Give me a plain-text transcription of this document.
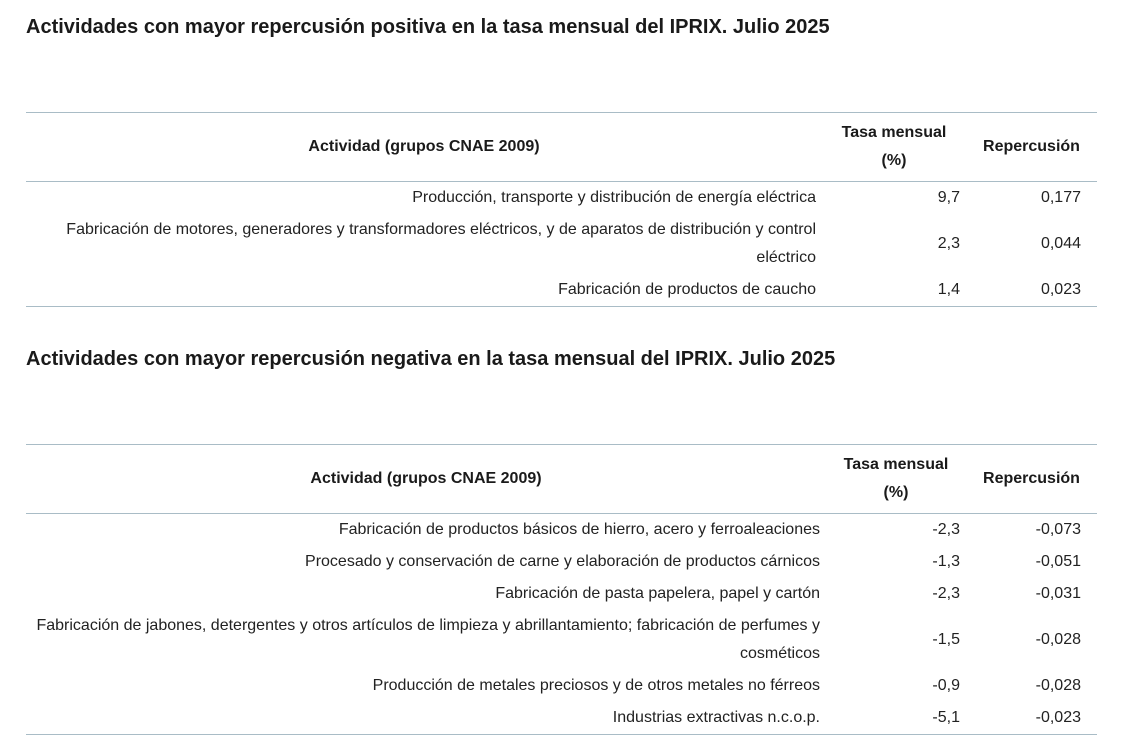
Actividades con mayor repercusión positiva en la tasa mensual del IPRIX. Julio 2025
Actividad (grupos CNAE 2009)	Tasa mensual (%)	Repercusión
Producción, transporte y distribución de energía eléctrica	9,7	0,177
Fabricación de motores, generadores y transformadores eléctricos, y de aparatos de distribución y control eléctrico	2,3	0,044
Fabricación de productos de caucho	1,4	0,023
Actividades con mayor repercusión negativa en la tasa mensual del IPRIX. Julio 2025
Actividad (grupos CNAE 2009)	Tasa mensual (%)	Repercusión
Fabricación de productos básicos de hierro, acero y ferroaleaciones	-2,3	-0,073
Procesado y conservación de carne y elaboración de productos cárnicos	-1,3	-0,051
Fabricación de pasta papelera, papel y cartón	-2,3	-0,031
Fabricación de jabones, detergentes y otros artículos de limpieza y abrillantamiento; fabricación de perfumes y cosméticos	-1,5	-0,028
Producción de metales preciosos y de otros metales no férreos	-0,9	-0,028
Industrias extractivas n.c.o.p.	-5,1	-0,023
